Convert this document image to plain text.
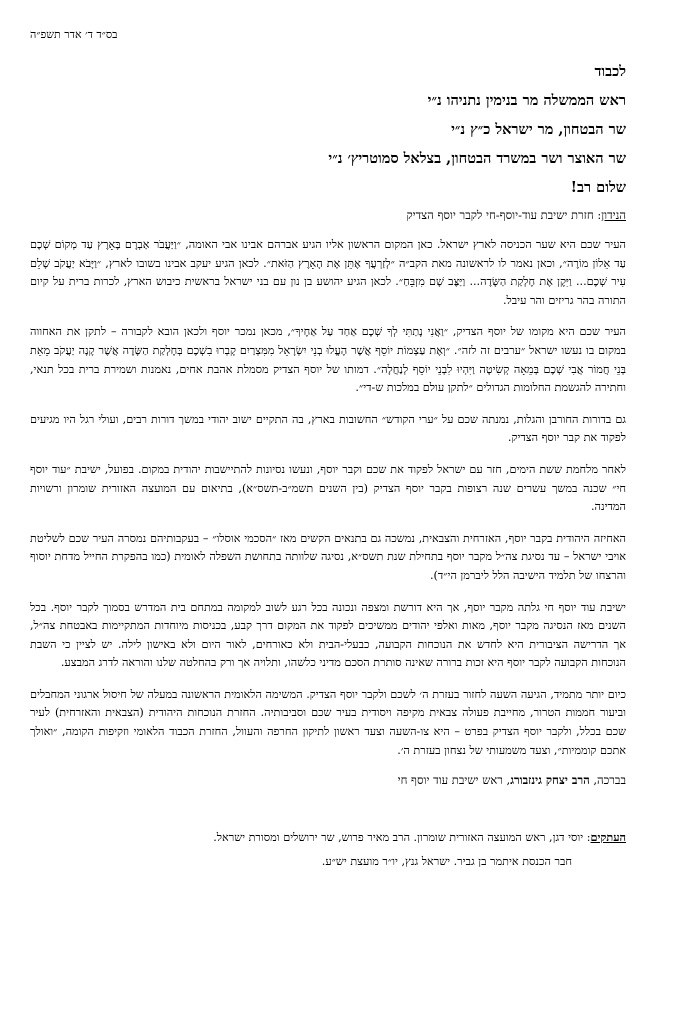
בס״ד ד׳ אדר תשפ״ה
לכבוד
ראש הממשלה מר בנימין נתניהו נ״י
שר הבטחון, מר ישראל כ״ץ נ״י
שר האוצר ושר במשרד הבטחון, בצלאל סמוטריץ׳ נ״י
שלום רב!
הנידון: חזרת ישיבת עוד-יוסף-חי לקבר יוסף הצדיק

העיר שכם היא שער הכניסה לארץ ישראל. כאן המקום הראשון אליו הגיע אברהם אבינו אבי האומה, ״וַיַּעֲבֹר אַבְרָם בָּאָרֶץ עַד מְקוֹם שְׁכֶם עַד אֵלוֹן מוֹרֶה״, וכאן נאמר לו לראשונה מאת הקב״ה ״לְזַרְעֲךָ אֶתֵּן אֶת הָאָרֶץ הַזֹּאת״. לכאן הגיע יעקב אבינו בשובו לארץ, ״וַיָּבֹא יַעֲקֹב שָׁלֵם עִיר שְׁכֶם... וַיִּקֶן אֶת חֶלְקַת הַשָּׂדֶה... וַיַּצֶּב שָׁם מִזְבֵּחַ״. לכאן הגיע יהושע בן נון עם בני ישראל בראשית כיבוש הארץ, לכרות ברית על קיום התורה בהר גריזים והר עיבל.

העיר שכם היא מקומו של יוסף הצדיק, ״וַאֲנִי נָתַתִּי לְךָ שְׁכֶם אַחַד עַל אַחֶיךָ״, מכאן נמכר יוסף ולכאן הובא לקבורה – לתקן את האחווה במקום בו נעשו ישראל ״ערבים זה לזה״. ״וְאֶת עַצְמוֹת יוֹסֵף אֲשֶׁר הֶעֱלוּ בְנֵי יִשְׂרָאֵל מִמִּצְרַיִם קָבְרוּ בִשְׁכֶם בְּחֶלְקַת הַשָּׂדֶה אֲשֶׁר קָנָה יַעֲקֹב מֵאֵת בְּנֵי חֲמוֹר אֲבִי שְׁכֶם בְּמֵאָה קְשִׂיטָה וַיִּהְיוּ לִבְנֵי יוֹסֵף לְנַחֲלָה״. דמותו של יוסף הצדיק מסמלת אהבת אחים, נאמנות ושמירת ברית בכל תנאי, וחתירה להגשמת החלומות הגדולים ״לתקן עולם במלכות ש-די״.

גם בדורות החורבן והגלות, נמנתה שכם על ״ערי הקודש״ החשובות בארץ, בה התקיים ישוב יהודי במשך דורות רבים, ועולי רגל היו מגיעים לפקוד את קבר יוסף הצדיק.

לאחר מלחמת ששת הימים, חזר עם ישראל לפקוד את שכם וקבר יוסף, ונעשו נסיונות להתיישבות יהודית במקום. בפועל, ישיבת ״עוד יוסף חי״ שכנה במשך עשרים שנה רצופות בקבר יוסף הצדיק (בין השנים תשמ״ב-תשס״א), בתיאום עם המועצה האזורית שומרון ורשויות המדינה.

האחיזה היהודית בקבר יוסף, האזרחית והצבאית, נמשכה גם בתנאים הקשים מאז ״הסכמי אוסלו״ – בעקבותיהם נמסרה העיר שכם לשליטת אויבי ישראל – עד נסיגת צה״ל מקבר יוסף בתחילת שנת תשס״א, נסיגה שלוותה בתחושת השפלה לאומית (כמו בהפקרת החייל מדחת יוסוף והרצחו של תלמיד הישיבה הלל ליברמן הי״ד).

ישיבת עוד יוסף חי גלתה מקבר יוסף, אך היא דורשת ומצפה ונכונה בכל רגע לשוב למקומה במתחם בית המדרש בסמוך לקבר יוסף. בכל השנים מאז הנסיגה מקבר יוסף, מאות ואלפי יהודים ממשיכים לפקוד את המקום דרך קבע, בכניסות מיוחדות המתקיימות באבטחת צה״ל, אך הדרישה הציבורית היא לחדש את הנוכחות הקבועה, כבעלי-הבית ולא כאורחים, לאור היום ולא באישון לילה. יש לציין כי השבת הנוכחות הקבועה לקבר יוסף היא זכות ברורה שאינה סותרת הסכם מדיני כלשהו, ותלויה אך ורק בהחלטה שלנו והוראה לדרג המבצע.

כיום יותר מתמיד, הגיעה השעה לחזור בעזרת ה׳ לשכם ולקבר יוסף הצדיק. המשימה הלאומית הראשונה במעלה של חיסול ארגוני המחבלים וביעור חממות הטרור, מחייבת פעולה צבאית מקיפה ויסודית בעיר שכם וסביבותיה. החזרת הנוכחות היהודית (הצבאית והאזרחית) לעיר שכם בכלל, ולקבר יוסף הצדיק בפרט – היא צו-השעה וצעד ראשון לתיקון החרפה והעוול, החזרת הכבוד הלאומי וזקיפות הקומה, ״ואולך אתכם קוממיות״, וצעד משמעותי של נצחון בעזרת ה׳.

בברכה, הרב יצחק גינזבורג, ראש ישיבת עוד יוסף חי
העתקים: יוסי דגן, ראש המועצה האזורית שומרון. הרב מאיר פרוש, שר ירושלים ומסורת ישראל.
חבר הכנסת איתמר בן גביר. ישראל גנץ, יו״ר מועצת יש״ע.
